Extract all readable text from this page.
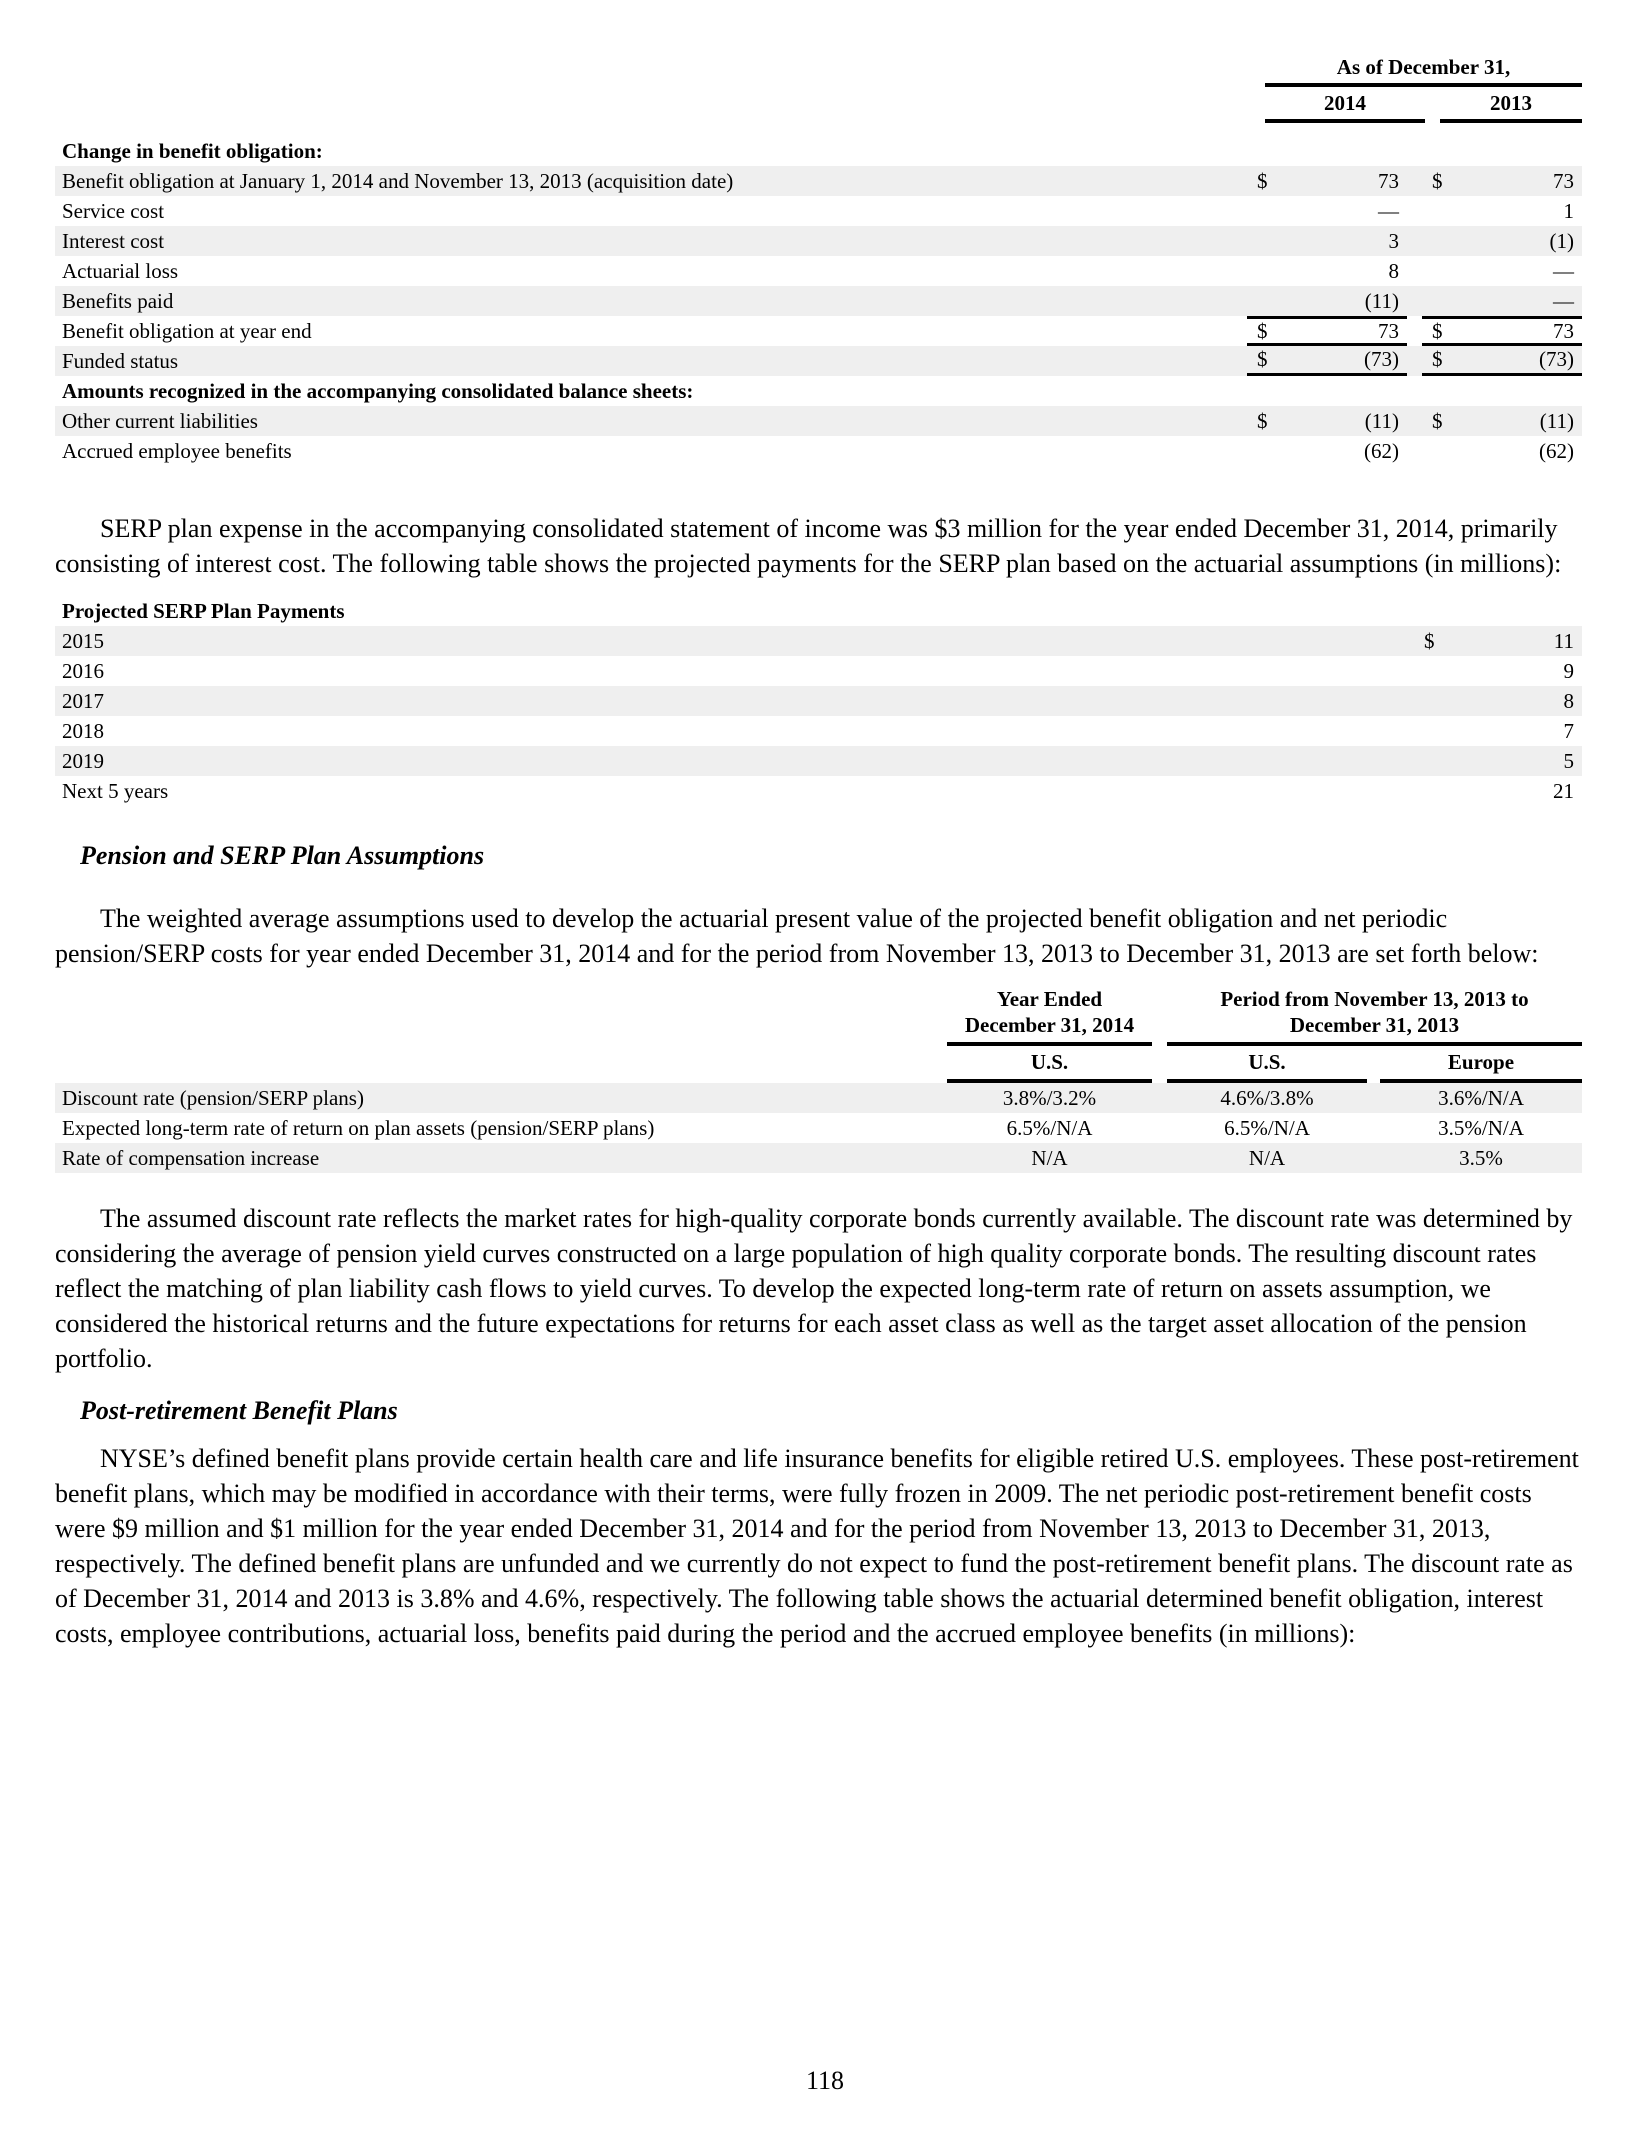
As of December 31,
2014	2013
Change in benefit obligation:
Benefit obligation at January 1, 2014 and November 13, 2013 (acquisition date)	$	73 $	73
Service cost	—	1
Interest cost	3	(1)
Actuarial loss	8	—
Benefits paid	(11)	—
Benefit obligation at year end	$	73 $	73
Funded status	$	(73) $	(73)
Amounts recognized in the accompanying consolidated balance sheets:
Other current liabilities	$	(11) $	(11)
Accrued employee benefits	(62)	(62)

SERP plan expense in the accompanying consolidated statement of income was $3 million for the year ended December 31, 2014, primarily consisting of interest cost. The following table shows the projected payments for the SERP plan based on the actuarial assumptions (in millions):

Projected SERP Plan Payments
2015	$	11
2016	9
2017	8
2018	7
2019	5
Next 5 years	21
Pension and SERP Plan Assumptions

The weighted average assumptions used to develop the actuarial present value of the projected benefit obligation and net periodic pension/SERP costs for year ended December 31, 2014 and for the period from November 13, 2013 to December 31, 2013 are set forth below:

Year Ended
December 31, 2014
Period from November 13, 2013 to
December 31, 2013
U.S.	U.S.	Europe
Discount rate (pension/SERP plans)	3.8%/3.2%	4.6%/3.8%	3.6%/N/A
Expected long-term rate of return on plan assets (pension/SERP plans)	6.5%/N/A	6.5%/N/A	3.5%/N/A
Rate of compensation increase	N/A	N/A	3.5%

The assumed discount rate reflects the market rates for high-quality corporate bonds currently available. The discount rate was determined by considering the average of pension yield curves constructed on a large population of high quality corporate bonds. The resulting discount rates reflect the matching of plan liability cash flows to yield curves. To develop the expected long-term rate of return on assets assumption, we considered the historical returns and the future expectations for returns for each asset class as well as the target asset allocation of the pension portfolio.

Post-retirement Benefit Plans

NYSE’s defined benefit plans provide certain health care and life insurance benefits for eligible retired U.S. employees. These post-retirement benefit plans, which may be modified in accordance with their terms, were fully frozen in 2009. The net periodic post-retirement benefit costs were $9 million and $1 million for the year ended December 31, 2014 and for the period from November 13, 2013 to December 31, 2013, respectively. The defined benefit plans are unfunded and we currently do not expect to fund the post-retirement benefit plans. The discount rate as of December 31, 2014 and 2013 is 3.8% and 4.6%, respectively. The following table shows the actuarial determined benefit obligation, interest costs, employee contributions, actuarial loss, benefits paid during the period and the accrued employee benefits (in millions):

118
